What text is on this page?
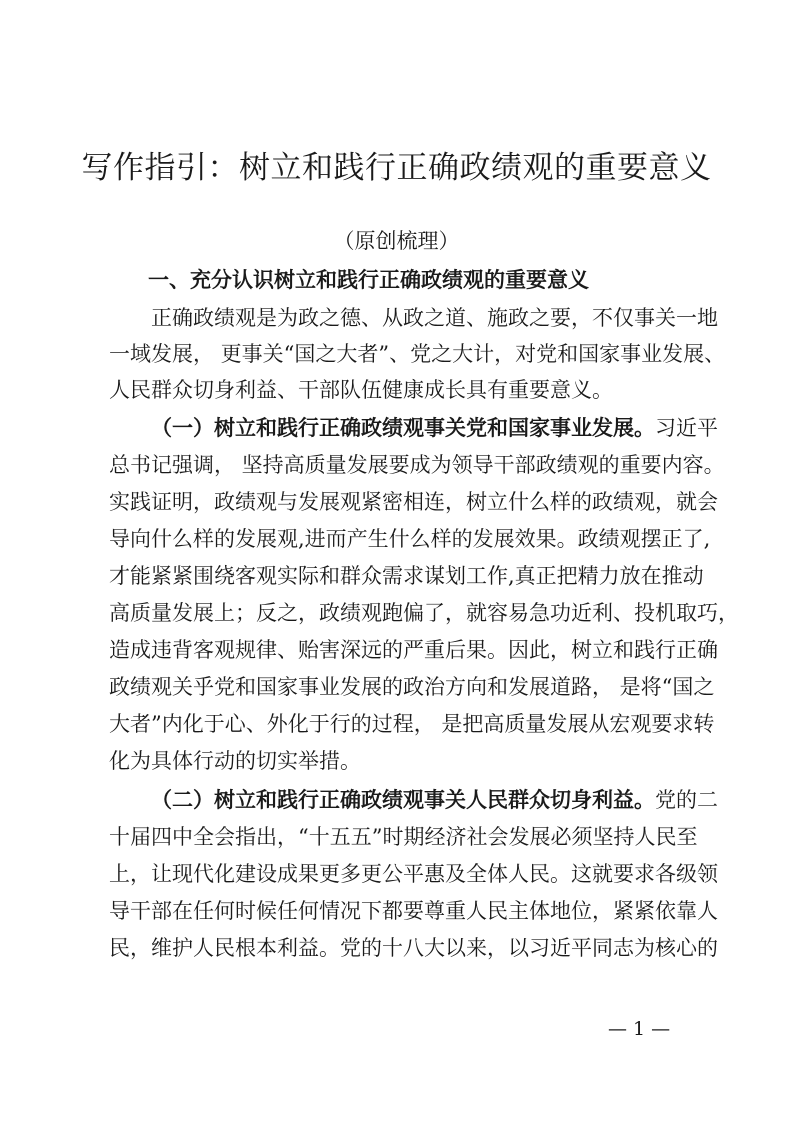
写作指引：树立和践行正确政绩观的重要意义
（原创梳理）
一、充分认识树立和践行正确政绩观的重要意义
正确政绩观是为政之德、从政之道、施政之要，不仅事关一地
一域发展， 更事关“国之大者”、党之大计，对党和国家事业发展、
人民群众切身利益、干部队伍健康成长具有重要意义。
（一）树立和践行正确政绩观事关党和国家事业发展。习近平
总书记强调， 坚持高质量发展要成为领导干部政绩观的重要内容。
实践证明，政绩观与发展观紧密相连，树立什么样的政绩观，就会
导向什么样的发展观,进而产生什么样的发展效果。政绩观摆正了,
才能紧紧围绕客观实际和群众需求谋划工作,真正把精力放在推动
高质量发展上；反之，政绩观跑偏了，就容易急功近利、投机取巧，
造成违背客观规律、贻害深远的严重后果。因此，树立和践行正确
政绩观关乎党和国家事业发展的政治方向和发展道路， 是将“国之
大者”内化于心、外化于行的过程， 是把高质量发展从宏观要求转
化为具体行动的切实举措。
（二）树立和践行正确政绩观事关人民群众切身利益。党的二
十届四中全会指出，“十五五”时期经济社会发展必须坚持人民至
上，让现代化建设成果更多更公平惠及全体人民。这就要求各级领
导干部在任何时候任何情况下都要尊重人民主体地位，紧紧依靠人
民，维护人民根本利益。党的十八大以来，以习近平同志为核心的
— 1 —
